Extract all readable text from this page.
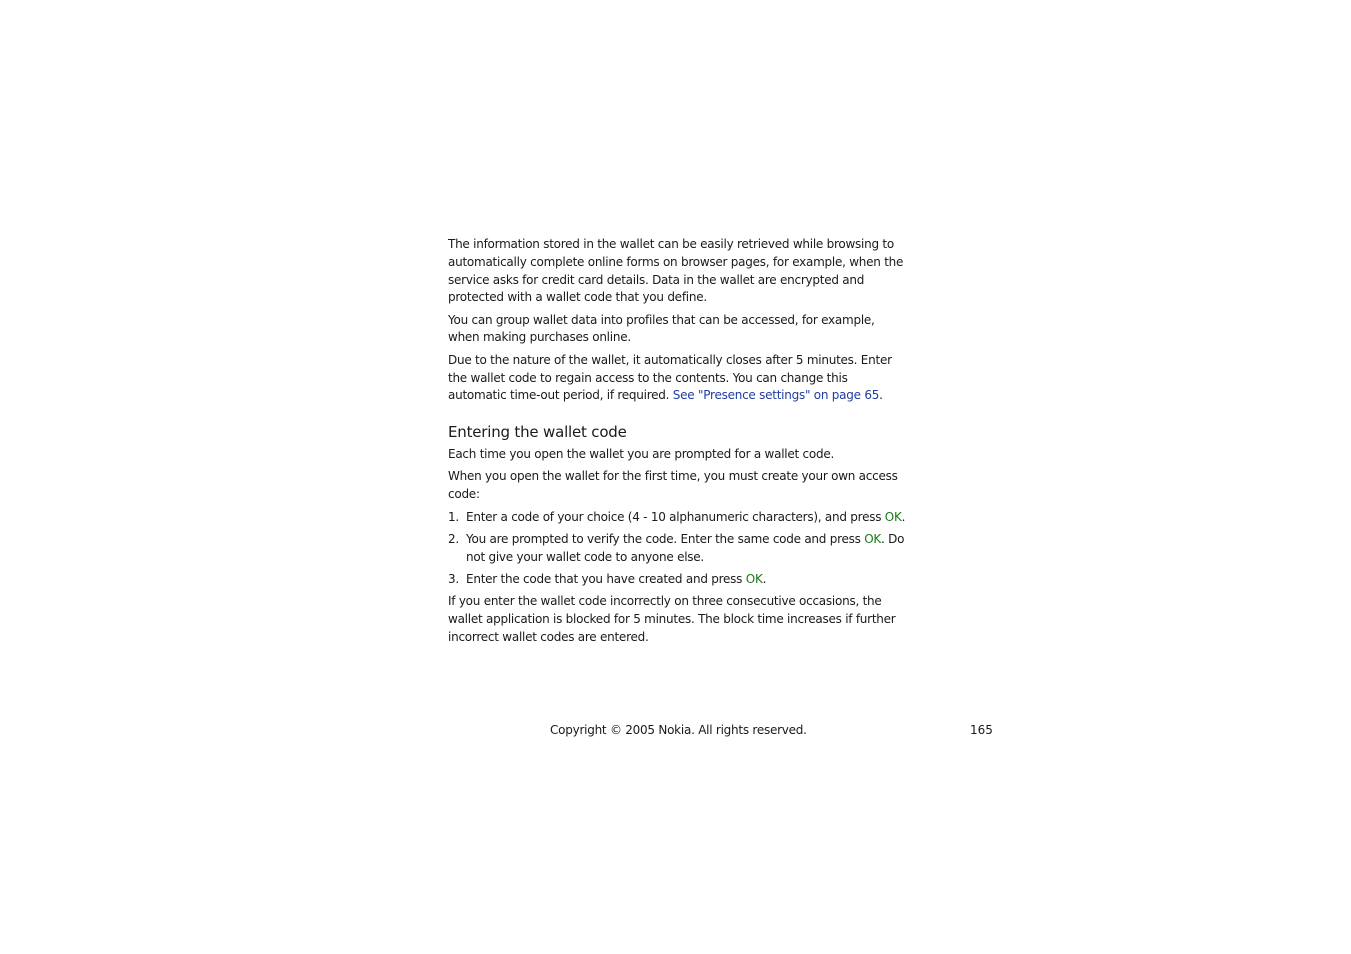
The information stored in the wallet can be easily retrieved while browsing to automatically complete online forms on browser pages, for example, when the service asks for credit card details. Data in the wallet are encrypted and protected with a wallet code that you define.

You can group wallet data into profiles that can be accessed, for example, when making purchases online.

Due to the nature of the wallet, it automatically closes after 5 minutes. Enter the wallet code to regain access to the contents. You can change this automatic time-out period, if required. See "Presence settings" on page 65.

Entering the wallet code

Each time you open the wallet you are prompted for a wallet code.

When you open the wallet for the first time, you must create your own access code:

1. Enter a code of your choice (4 - 10 alphanumeric characters), and press OK.
2. You are prompted to verify the code. Enter the same code and press OK. Do not give your wallet code to anyone else.
3. Enter the code that you have created and press OK.

If you enter the wallet code incorrectly on three consecutive occasions, the wallet application is blocked for 5 minutes. The block time increases if further incorrect wallet codes are entered.

Copyright © 2005 Nokia. All rights reserved.	165
